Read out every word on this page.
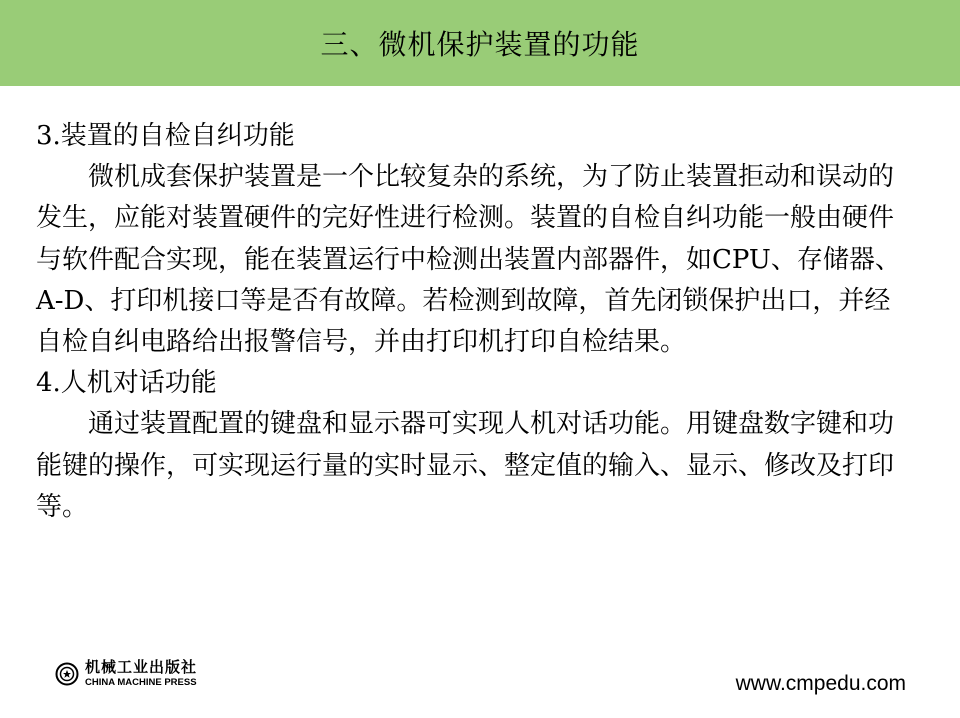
三、微机保护装置的功能

3.装置的自检自纠功能

微机成套保护装置是一个比较复杂的系统，为了防止装置拒动和误动的发生，应能对装置硬件的完好性进行检测。装置的自检自纠功能一般由硬件与软件配合实现，能在装置运行中检测出装置内部器件，如CPU、存储器、A-D、打印机接口等是否有故障。若检测到故障，首先闭锁保护出口，并经自检自纠电路给出报警信号，并由打印机打印自检结果。

4.人机对话功能

通过装置配置的键盘和显示器可实现人机对话功能。用键盘数字键和功能键的操作，可实现运行量的实时显示、整定值的输入、显示、修改及打印等。

机械工业出版社
CHINA MACHINE PRESS	www.cmpedu.com
